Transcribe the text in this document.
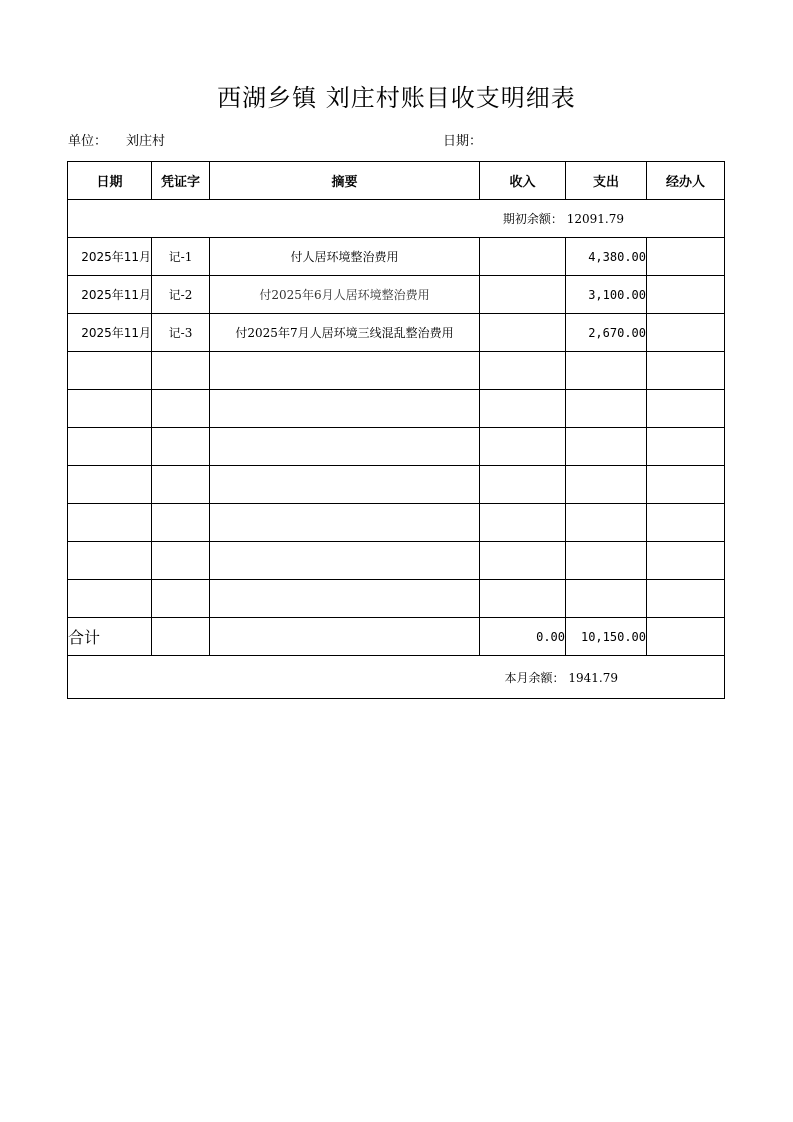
西湖乡镇 刘庄村账目收支明细表
单位： 刘庄村	日期：
日期	凭证字	摘要	收入	支出	经办人
期初余额： 12091.79					
2025年11月	记-1	付人居环境整治费用		4,380.00	
2025年11月	记-2	付2025年6月人居环境整治费用		3,100.00	
2025年11月	记-3	付2025年7月人居环境三线混乱整治费用		2,670.00	

合计			0.00	10,150.00	
本月余额： 1941.79					
